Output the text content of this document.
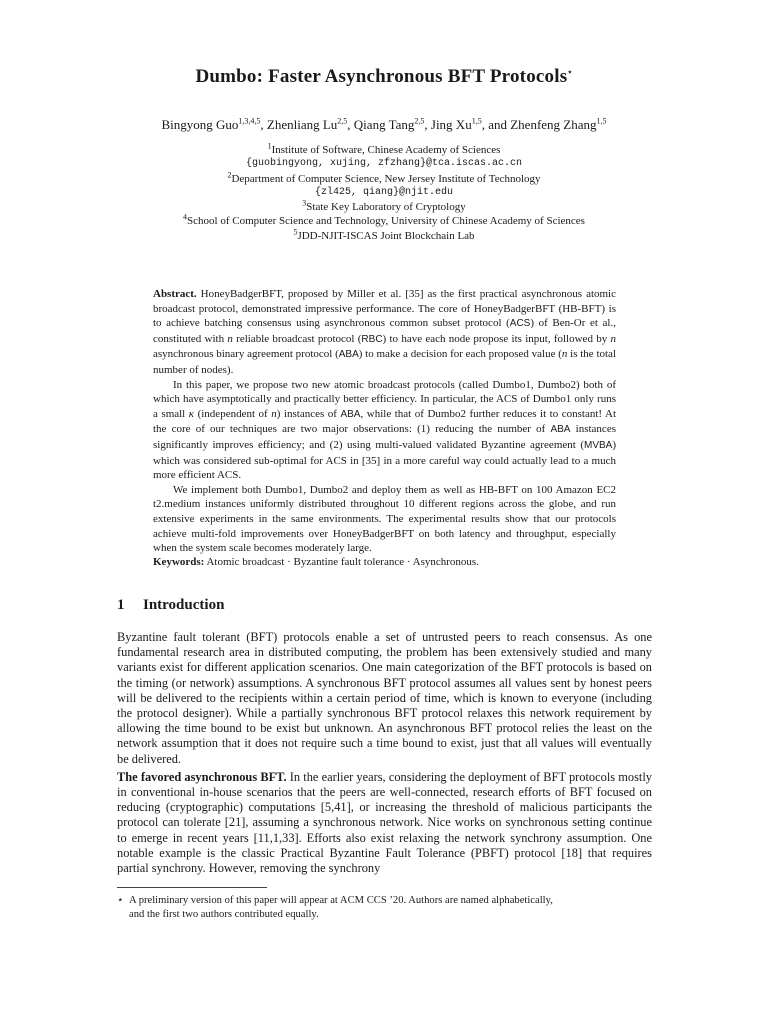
Dumbo: Faster Asynchronous BFT Protocols⋆
Bingyong Guo$^{1,3,4,5}$, Zhenliang Lu$^{2,5}$, Qiang Tang$^{2,5}$, Jing Xu$^{1,5}$, and Zhenfeng Zhang$^{1,5}$
$^1$Institute of Software, Chinese Academy of Sciences
{guobingyong, xujing, zfzhang}@tca.iscas.ac.cn
$^2$Department of Computer Science, New Jersey Institute of Technology
{zl425, qiang}@njit.edu
$^3$State Key Laboratory of Cryptology
$^4$School of Computer Science and Technology, University of Chinese Academy of Sciences
$^5$JDD-NJIT-ISCAS Joint Blockchain Lab

Abstract. HoneyBadgerBFT, proposed by Miller et al. [35] as the first practical asynchronous atomic broadcast protocol, demonstrated impressive performance. The core of HoneyBadgerBFT (HB-BFT) is to achieve batching consensus using asynchronous common subset protocol (ACS) of Ben-Or et al., constituted with n reliable broadcast protocol (RBC) to have each node propose its input, followed by n asynchronous binary agreement protocol (ABA) to make a decision for each proposed value (n is the total number of nodes).

In this paper, we propose two new atomic broadcast protocols (called Dumbo1, Dumbo2) both of which have asymptotically and practically better efficiency. In particular, the ACS of Dumbo1 only runs a small κ (independent of n) instances of ABA, while that of Dumbo2 further reduces it to constant! At the core of our techniques are two major observations: (1) reducing the number of ABA instances significantly improves efficiency; and (2) using multi-valued validated Byzantine agreement (MVBA) which was considered sub-optimal for ACS in [35] in a more careful way could actually lead to a much more efficient ACS.

We implement both Dumbo1, Dumbo2 and deploy them as well as HB-BFT on 100 Amazon EC2 t2.medium instances uniformly distributed throughout 10 different regions across the globe, and run extensive experiments in the same environments. The experimental results show that our protocols achieve multi-fold improvements over HoneyBadgerBFT on both latency and throughput, especially when the system scale becomes moderately large.

Keywords: Atomic broadcast · Byzantine fault tolerance · Asynchronous.
1 Introduction

Byzantine fault tolerant (BFT) protocols enable a set of untrusted peers to reach consensus. As one fundamental research area in distributed computing, the problem has been extensively studied and many variants exist for different application scenarios. One main categorization of the BFT protocols is based on the timing (or network) assumptions. A synchronous BFT protocol assumes all values sent by honest peers will be delivered to the recipients within a certain period of time, which is known to everyone (including the protocol designer). While a partially synchronous BFT protocol relaxes this network requirement by allowing the time bound to be exist but unknown. An asynchronous BFT protocol relies the least on the network assumption that it does not require such a time bound to exist, just that all values will eventually be delivered.

The favored asynchronous BFT. In the earlier years, considering the deployment of BFT protocols mostly in conventional in-house scenarios that the peers are well-connected, research efforts of BFT focused on reducing (cryptographic) computations [5,41], or increasing the threshold of malicious participants the protocol can tolerate [21], assuming a synchronous network. Nice works on synchronous setting continue to emerge in recent years [11,1,33]. Efforts also exist relaxing the network synchrony assumption. One notable example is the classic Practical Byzantine Fault Tolerance (PBFT) protocol [18] that requires partial synchrony. However, removing the synchrony

⋆ A preliminary version of this paper will appear at ACM CCS ’20. Authors are named alphabetically,
and the first two authors contributed equally.
